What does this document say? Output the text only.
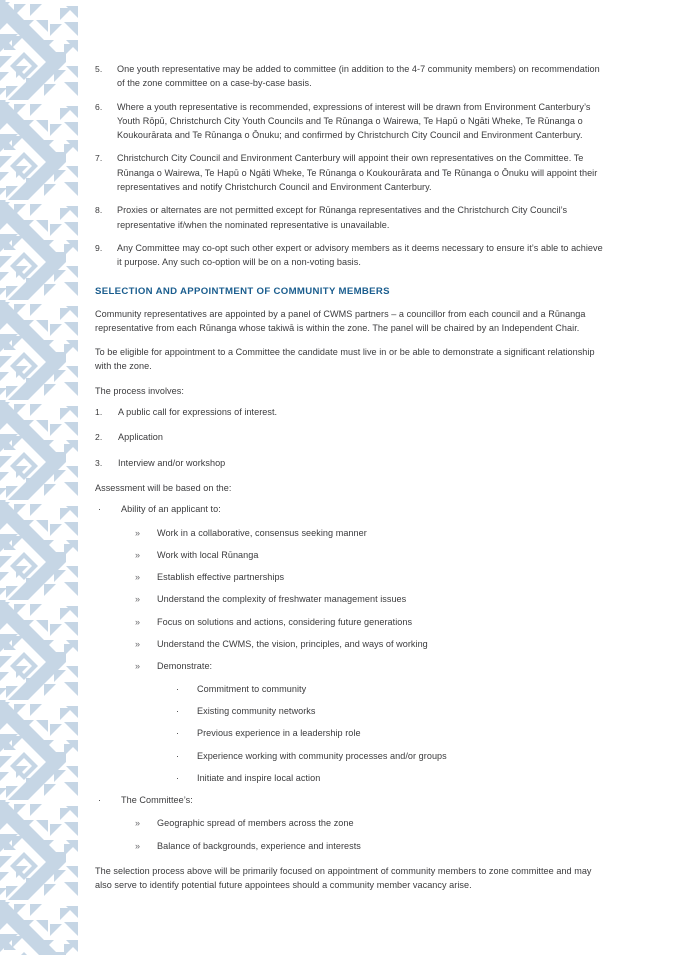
5.	One youth representative may be added to committee (in addition to the 4-7 community members) on recommendation of the zone committee on a case-by-case basis.
6.	Where a youth representative is recommended, expressions of interest will be drawn from Environment Canterbury’s Youth Rōpū, Christchurch City Youth Councils and Te Rūnanga o Wairewa, Te Hapū o Ngāti Wheke, Te Rūnanga o Koukourārata and Te Rūnanga o Ōnuku; and confirmed by Christchurch City Council and Environment Canterbury.
7.	Christchurch City Council and Environment Canterbury will appoint their own representatives on the Committee. Te Rūnanga o Wairewa, Te Hapū o Ngāti Wheke, Te Rūnanga o Koukourārata and Te Rūnanga o Ōnuku will appoint their representatives and notify Christchurch Council and Environment Canterbury.
8.	Proxies or alternates are not permitted except for Rūnanga representatives and the Christchurch City Council’s representative if/when the nominated representative is unavailable.
9.	Any Committee may co-opt such other expert or advisory members as it deems necessary to ensure it’s able to achieve it purpose. Any such co-option will be on a non-voting basis.
SELECTION AND APPOINTMENT OF COMMUNITY MEMBERS

Community representatives are appointed by a panel of CWMS partners – a councillor from each council and a Rūnanga representative from each Rūnanga whose takiwā is within the zone. The panel will be chaired by an Independent Chair.

To be eligible for appointment to a Committee the candidate must live in or be able to demonstrate a significant relationship with the zone.

The process involves:

1.	A public call for expressions of interest.
2.	Application
3.	Interview and/or workshop

Assessment will be based on the:

·	Ability of an applicant to:
»	Work in a collaborative, consensus seeking manner
»	Work with local Rūnanga
»	Establish effective partnerships
»	Understand the complexity of freshwater management issues
»	Focus on solutions and actions, considering future generations
»	Understand the CWMS, the vision, principles, and ways of working
»	Demonstrate:
·	Commitment to community
·	Existing community networks
·	Previous experience in a leadership role
·	Experience working with community processes and/or groups
·	Initiate and inspire local action
·	The Committee’s:
»	Geographic spread of members across the zone
»	Balance of backgrounds, experience and interests

The selection process above will be primarily focused on appointment of community members to zone committee and may also serve to identify potential future appointees should a community member vacancy arise.
